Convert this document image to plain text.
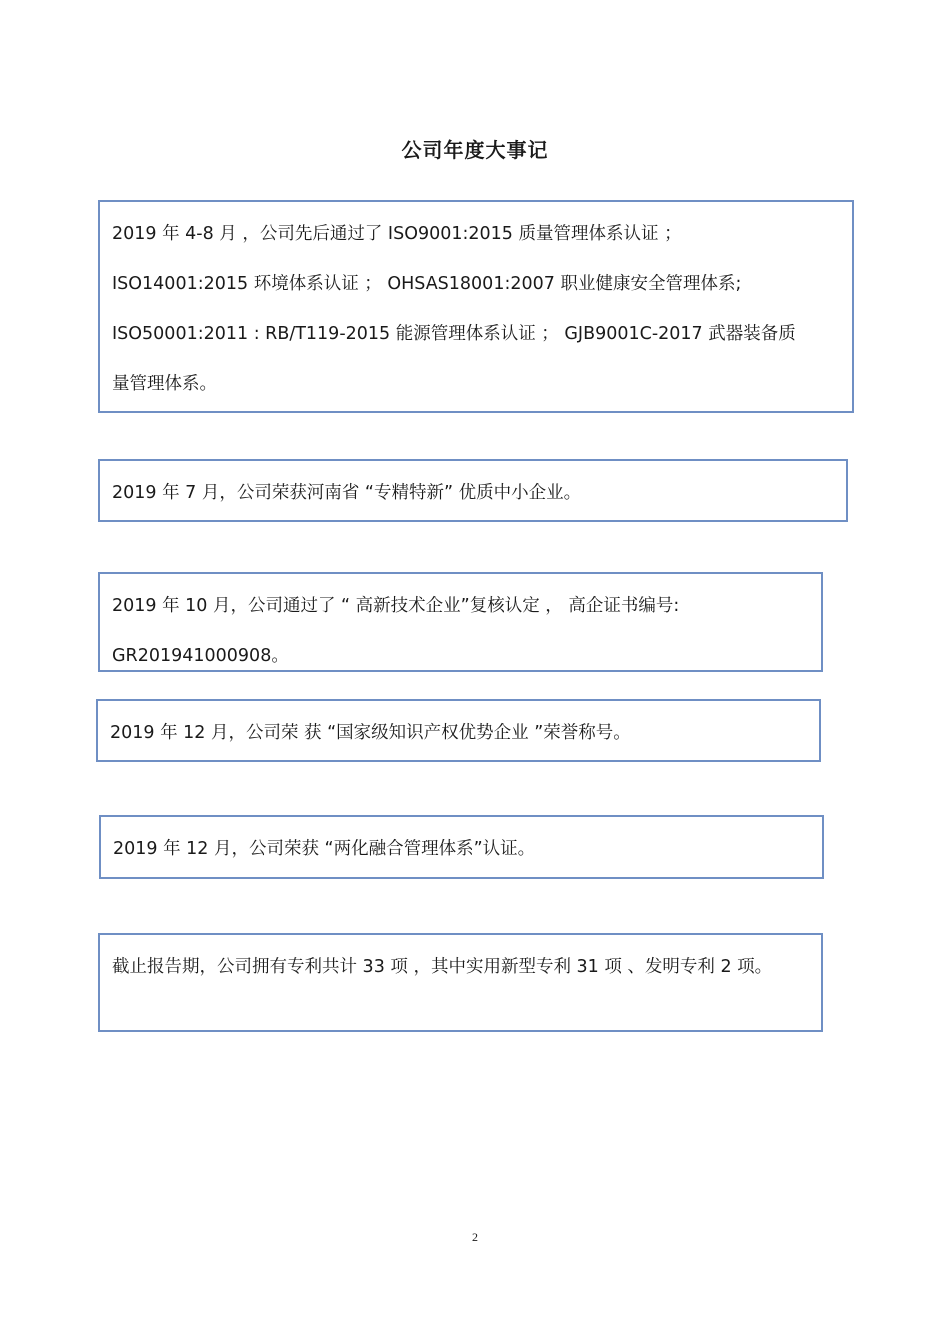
公司年度大事记
2019 年 4-8 月 ，公司先后通过了 ISO9001:2015 质量管理体系认证 ；
ISO14001:2015 环境体系认证 ； OHSAS18001:2007 职业健康安全管理体系;
ISO50001:2011 : RB/T119-2015 能源管理体系认证 ； GJB9001C-2017 武器装备质
量管理体系。
2019 年 7 月，公司荣获河南省 “专精特新” 优质中小企业。
2019 年 10 月，公司通过了 “ 高新技术企业”复核认定 ， 高企证书编号:
GR201941000908。
2019 年 12 月，公司荣 获 “国家级知识产权优势企业 ”荣誉称号。
2019 年 12 月，公司荣获 “两化融合管理体系”认证。
截止报告期，公司拥有专利共计 33 项 ，其中实用新型专利 31 项 、发明专利 2 项。
2
